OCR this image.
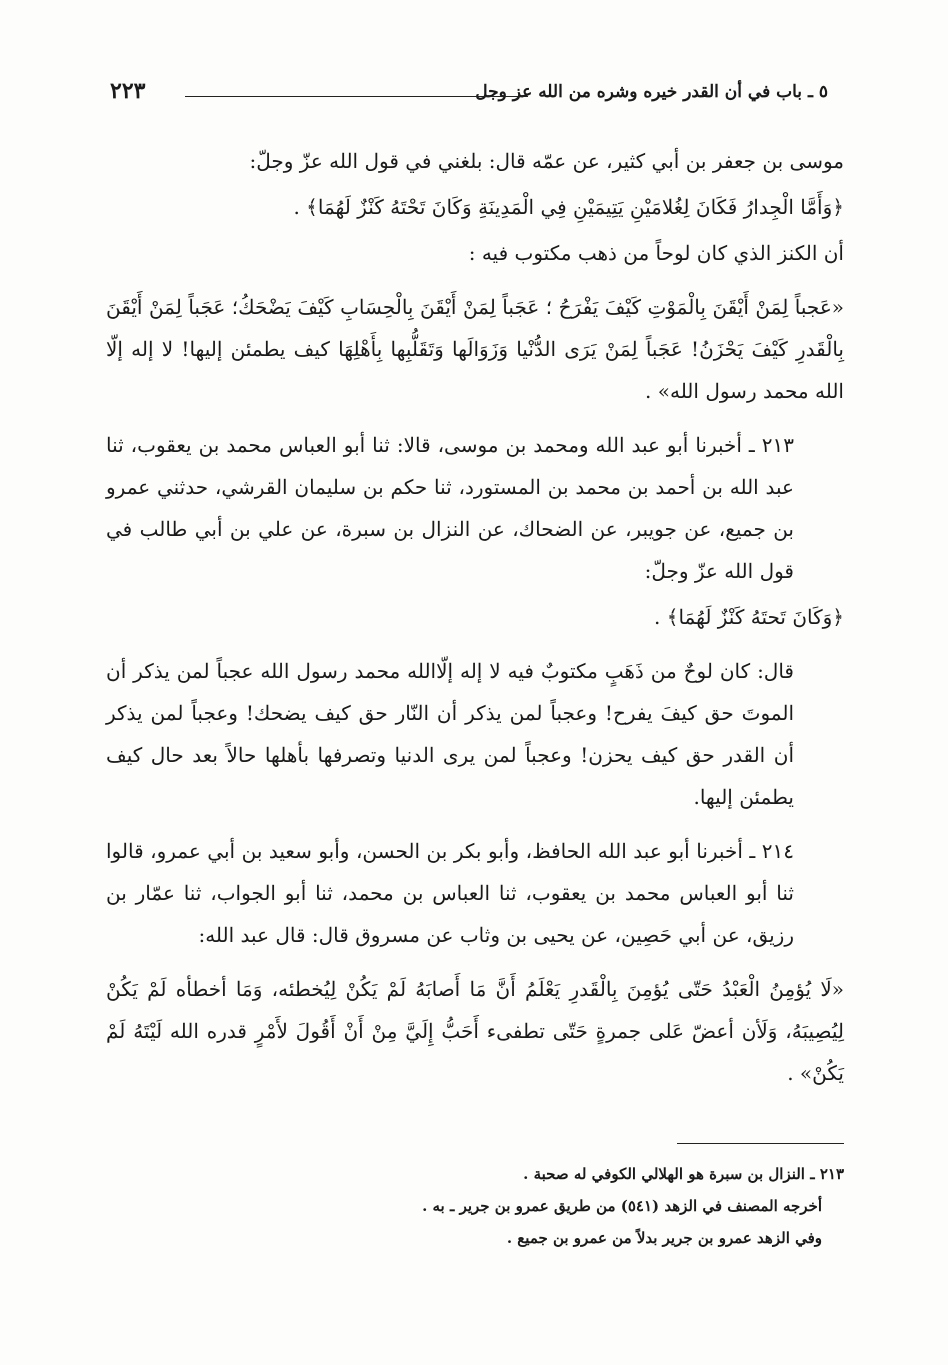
٥ ـ باب في أن القدر خيره وشره من الله عز وجل
٢٢٣

موسى بن جعفر بن أبي كثير، عن عمّه قال: بلغني في قول الله عزّ وجلّ:

﴿وَأَمَّا الْجِدارُ فَكَانَ لِغُلامَيْنِ يَتِيمَيْنِ فِي الْمَدِينَةِ وَكَانَ تَحْتَهُ كَنْزٌ لَهُمَا﴾ .

أن الكنز الذي كان لوحاً من ذهب مكتوب فيه :

«عَجباً لِمَنْ أَيْقَنَ بِالْمَوْتِ كَيْفَ يَفْرَحُ ؛ عَجَباً لِمَنْ أَيْقَنَ بِالْحِسَابِ كَيْفَ يَضْحَكُ؛ عَجَباً لِمَنْ أَيْقَنَ بِالْقَدرِ كَيْفَ يَحْزَنُ! عَجَباً لِمَنْ يَرَى الدُّنْيا وَزَوَالَها وَتَقَلُّبِها بِأَهْلِهَا كيف يطمئن إليها! لا إله إلّا الله محمد رسول الله» .

٢١٣ ـ أخبرنا أبو عبد الله ومحمد بن موسى، قالا: ثنا أبو العباس محمد بن يعقوب، ثنا عبد الله بن أحمد بن محمد بن المستورد، ثنا حكم بن سليمان القرشي، حدثني عمرو بن جميع، عن جويبر، عن الضحاك، عن النزال بن سبرة، عن علي بن أبي طالب في قول الله عزّ وجلّ:

﴿وَكَانَ تَحتَهُ كَنْزٌ لَهُمَا﴾ .

قال: كان لوحٌ من ذَهَبٍ مكتوبٌ فيه لا إله إلّاالله محمد رسول الله عجباً لمن يذكر أن الموتَ حق كيفَ يفرح! وعجباً لمن يذكر أن النّار حق كيف يضحك! وعجباً لمن يذكر أن القدر حق كيف يحزن! وعجباً لمن يرى الدنيا وتصرفها بأهلها حالاً بعد حال كيف يطمئن إليها.

٢١٤ ـ أخبرنا أبو عبد الله الحافظ، وأبو بكر بن الحسن، وأبو سعيد بن أبي عمرو، قالوا ثنا أبو العباس محمد بن يعقوب، ثنا العباس بن محمد، ثنا أبو الجواب، ثنا عمّار بن رزيق، عن أبي حَصِين، عن يحيى بن وثاب عن مسروق قال: قال عبد الله:

«لَا يُؤمِنُ الْعَبْدُ حَتّى يُؤمِنَ بِالْقَدرِ يَعْلَمُ أَنَّ مَا أَصابَهُ لَمْ يَكُنْ لِيُخطئه، وَمَا أخطأه لَمْ يَكُنْ لِيُصِيبَهُ، وَلَأن أعضّ عَلى جمرةٍ حَتّى تطفىء أَحَبُّ إِلَيَّ مِنْ أَنْ أَقُولَ لأَمْرٍ قدره الله لَيْتَهُ لَمْ يَكُنْ» .

٢١٣ ـ النزال بن سبرة هو الهلالي الكوفي له صحبة .
أخرجه المصنف في الزهد (٥٤١) من طريق عمرو بن جرير ـ به .
وفي الزهد عمرو بن جرير بدلاً من عمرو بن جميع .
